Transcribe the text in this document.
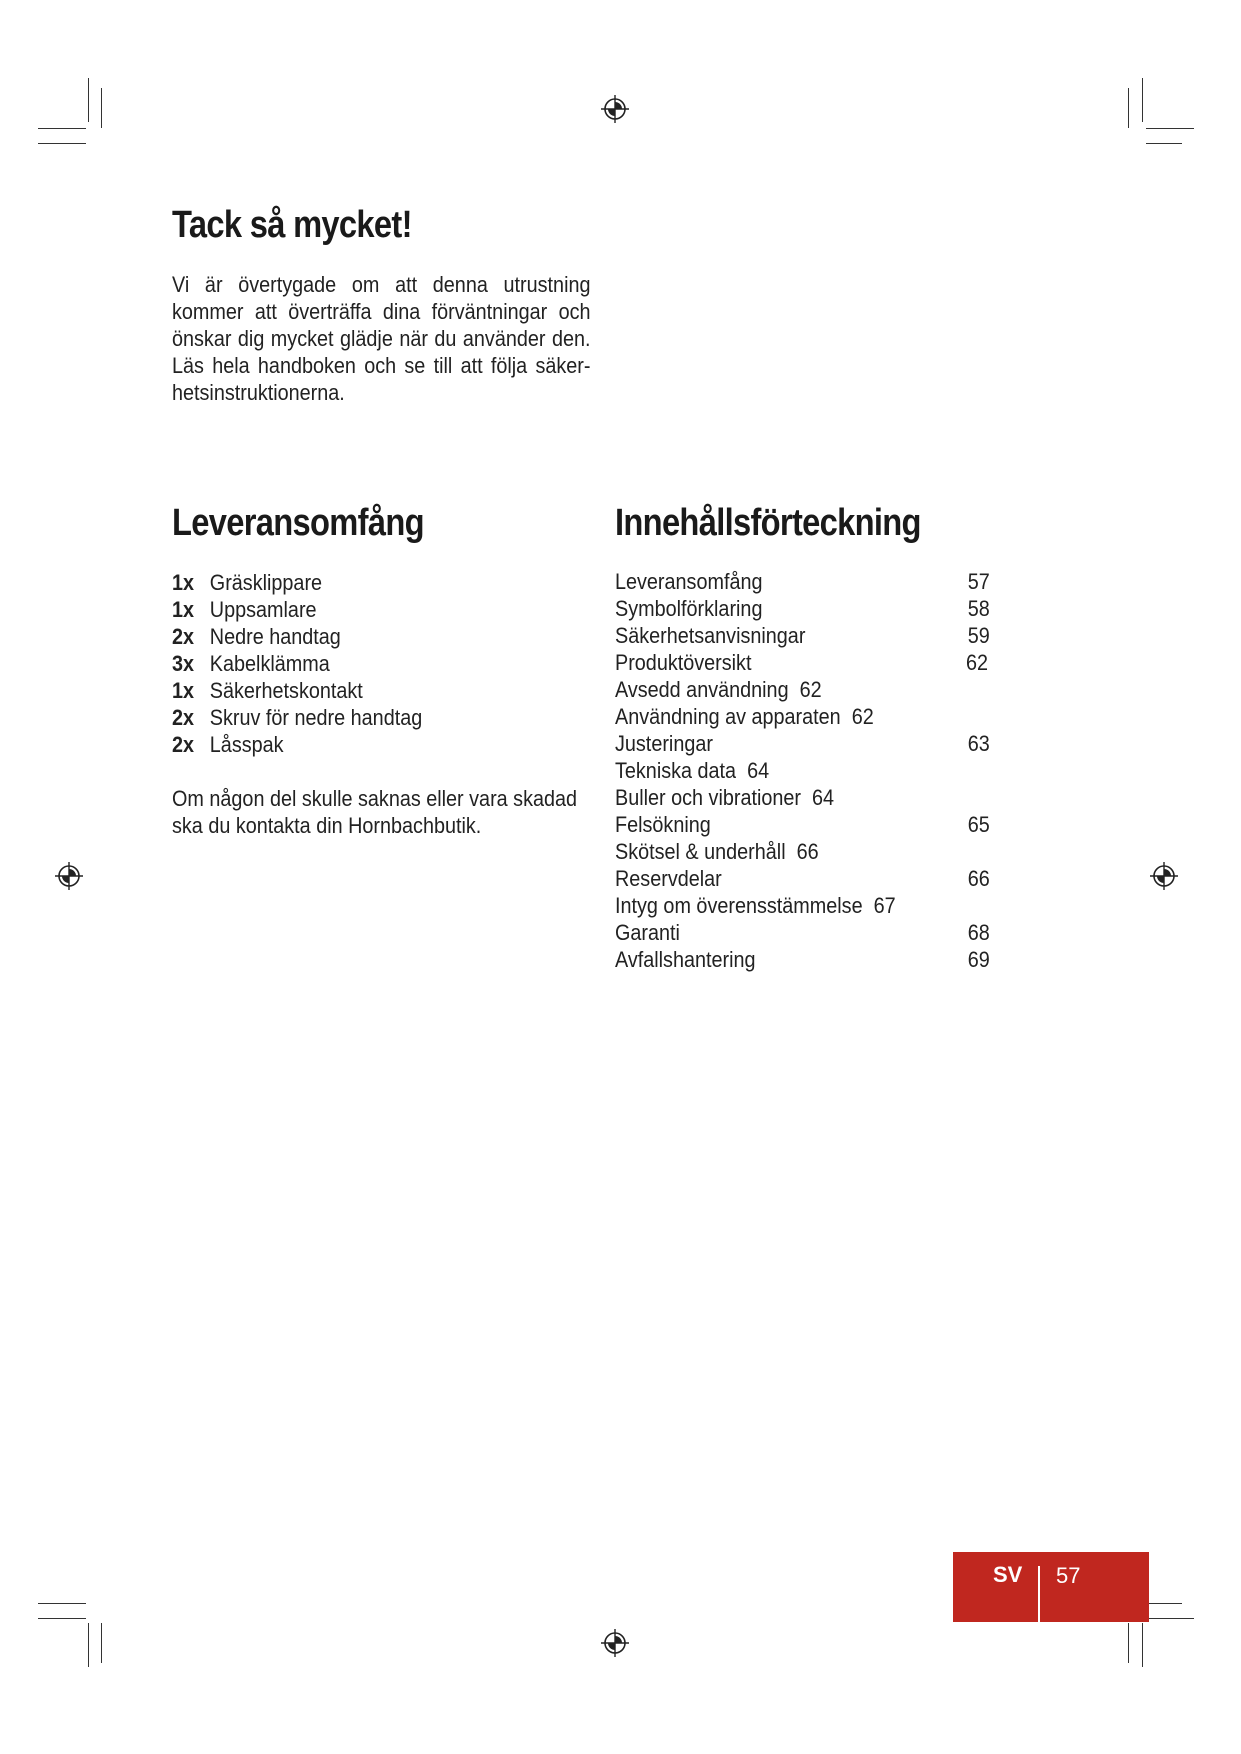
Tack så mycket!

Vi är övertygade om att denna utrustning

kommer att överträffa dina förväntningar och

önskar dig mycket glädje när du använder den.

Läs hela handboken och se till att följa säker-

hetsinstruktionerna.

Leveransomfång
1x Gräsklippare
1x Uppsamlare
2x Nedre handtag
3x Kabelklämma
1x Säkerhetskontakt
2x Skruv för nedre handtag
2x Låsspak
Om någon del skulle saknas eller vara skadad
ska du kontakta din Hornbachbutik.
Innehållsförteckning
Leveransomfång	57
Symbolförklaring	58
Säkerhetsanvisningar	59
Produktöversikt	62
Avsedd användning 62
Användning av apparaten 62
Justeringar	63
Tekniska data 64
Buller och vibrationer 64
Felsökning	65
Skötsel & underhåll 66
Reservdelar	66
Intyg om överensstämmelse 67
Garanti	68
Avfallshantering	69
SV 57
